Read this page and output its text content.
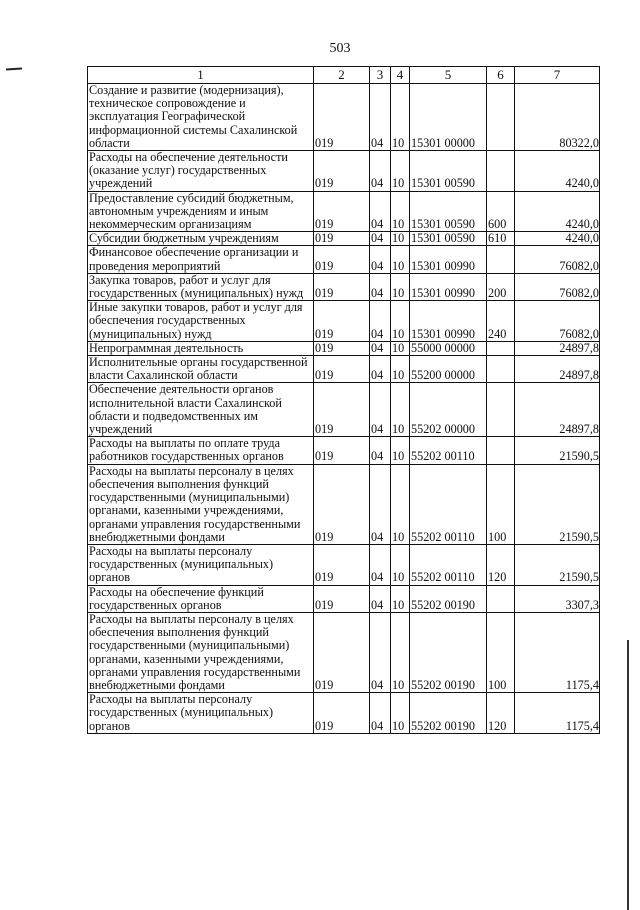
503
1	2	3	4	5	6	7
Создание и развитие (модернизация), техническое сопровождение и эксплуатация Географической информационной системы Сахалинской области	019	04	10	15301 00000		80322,0
Расходы на обеспечение деятельности (оказание услуг) государственных учреждений	019	04	10	15301 00590		4240,0
Предоставление субсидий бюджетным, автономным учреждениям и иным некоммерческим организациям	019	04	10	15301 00590	600	4240,0
Субсидии бюджетным учреждениям	019	04	10	15301 00590	610	4240,0
Финансовое обеспечение организации и проведения мероприятий	019	04	10	15301 00990		76082,0
Закупка товаров, работ и услуг для государственных (муниципальных) нужд	019	04	10	15301 00990	200	76082,0
Иные закупки товаров, работ и услуг для обеспечения государственных (муниципальных) нужд	019	04	10	15301 00990	240	76082,0
Непрограммная деятельность	019	04	10	55000 00000		24897,8
Исполнительные органы государственной власти Сахалинской области	019	04	10	55200 00000		24897,8
Обеспечение деятельности органов исполнительной власти Сахалинской области и подведомственных им учреждений	019	04	10	55202 00000		24897,8
Расходы на выплаты по оплате труда работников государственных органов	019	04	10	55202 00110		21590,5
Расходы на выплаты персоналу в целях обеспечения выполнения функций государственными (муниципальными) органами, казенными учреждениями, органами управления государственными внебюджетными фондами	019	04	10	55202 00110	100	21590,5
Расходы на выплаты персоналу государственных (муниципальных) органов	019	04	10	55202 00110	120	21590,5
Расходы на обеспечение функций государственных органов	019	04	10	55202 00190		3307,3
Расходы на выплаты персоналу в целях обеспечения выполнения функций государственными (муниципальными) органами, казенными учреждениями, органами управления государственными внебюджетными фондами	019	04	10	55202 00190	100	1175,4
Расходы на выплаты персоналу государственных (муниципальных) органов	019	04	10	55202 00190	120	1175,4
